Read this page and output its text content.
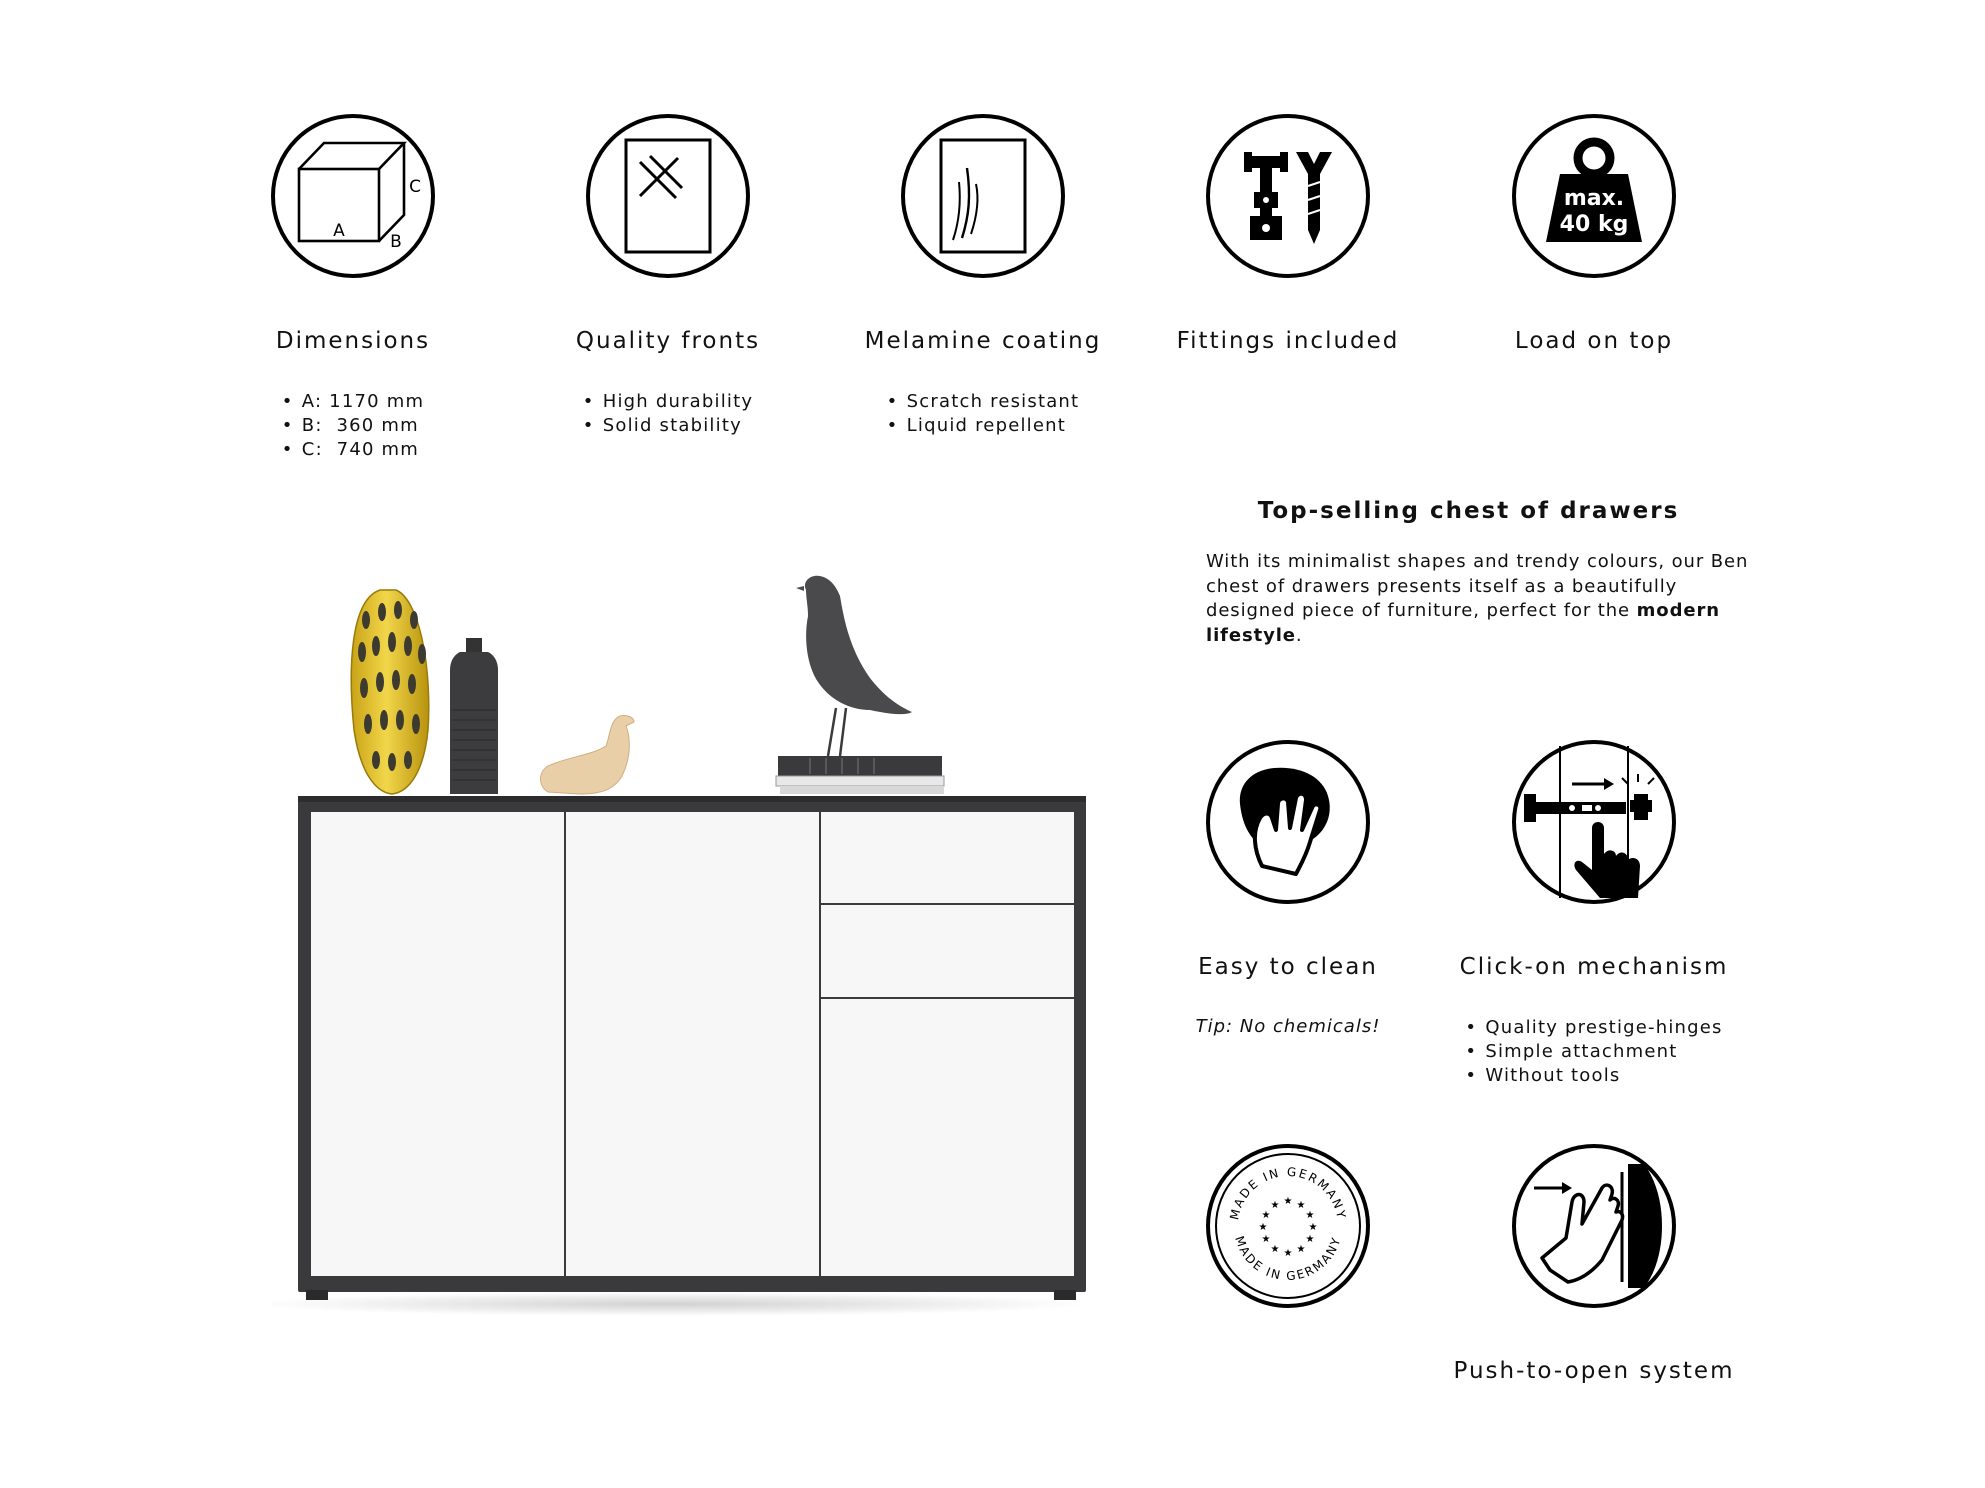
A
B
C
Dimensions
• A: 1170 mm
• B:  360 mm
• C:  740 mm
Quality fronts
• High durability
• Solid stability
Melamine coating
• Scratch resistant
• Liquid repellent
Fittings included
max.
40 kg
Load on top
Top-selling chest of drawers

With its minimalist shapes and trendy colours, our Ben chest of drawers presents itself as a beautifully designed piece of furniture, perfect for the modern lifestyle.

Easy to clean
Tip: No chemicals!
Click-on mechanism
• Quality prestige-hinges
• Simple attachment
• Without tools
MADE IN GERMANY
MADE IN GERMANY
★ ★
★
★
★
★
★
★
★
★
★
★
Push-to-open system
